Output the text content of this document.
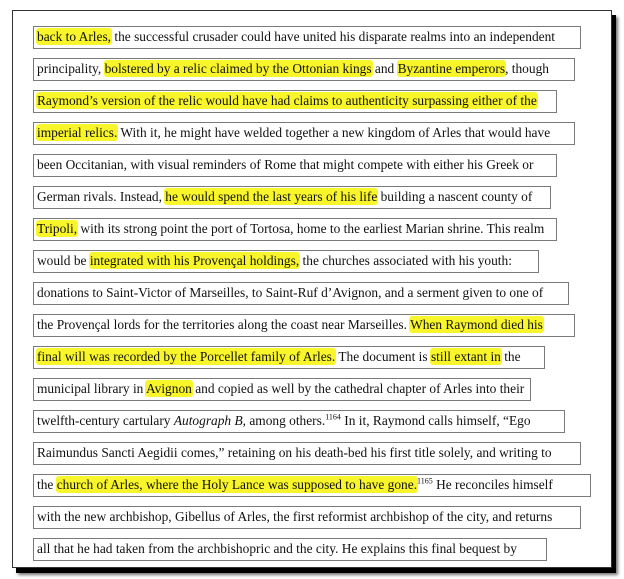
back to Arles, the successful crusader could have united his disparate realms into an independent
principality, bolstered by a relic claimed by the Ottonian kings and Byzantine emperors, though
Raymond’s version of the relic would have had claims to authenticity surpassing either of the
imperial relics. With it, he might have welded together a new kingdom of Arles that would have
been Occitanian, with visual reminders of Rome that might compete with either his Greek or
German rivals. Instead, he would spend the last years of his life building a nascent county of
Tripoli, with its strong point the port of Tortosa, home to the earliest Marian shrine. This realm
would be integrated with his Provençal holdings, the churches associated with his youth:
donations to Saint-Victor of Marseilles, to Saint-Ruf d’Avignon, and a serment given to one of
the Provençal lords for the territories along the coast near Marseilles. When Raymond died his
final will was recorded by the Porcellet family of Arles. The document is still extant in the
municipal library in Avignon and copied as well by the cathedral chapter of Arles into their
twelfth-century cartulary Autograph B, among others.$^{1164}$ In it, Raymond calls himself, “Ego
Raimundus Sancti Aegidii comes,” retaining on his death-bed his first title solely, and writing to
the church of Arles, where the Holy Lance was supposed to have gone.$^{1165}$ He reconciles himself
with the new archbishop, Gibellus of Arles, the first reformist archbishop of the city, and returns
all that he had taken from the archbishopric and the city. He explains this final bequest by
